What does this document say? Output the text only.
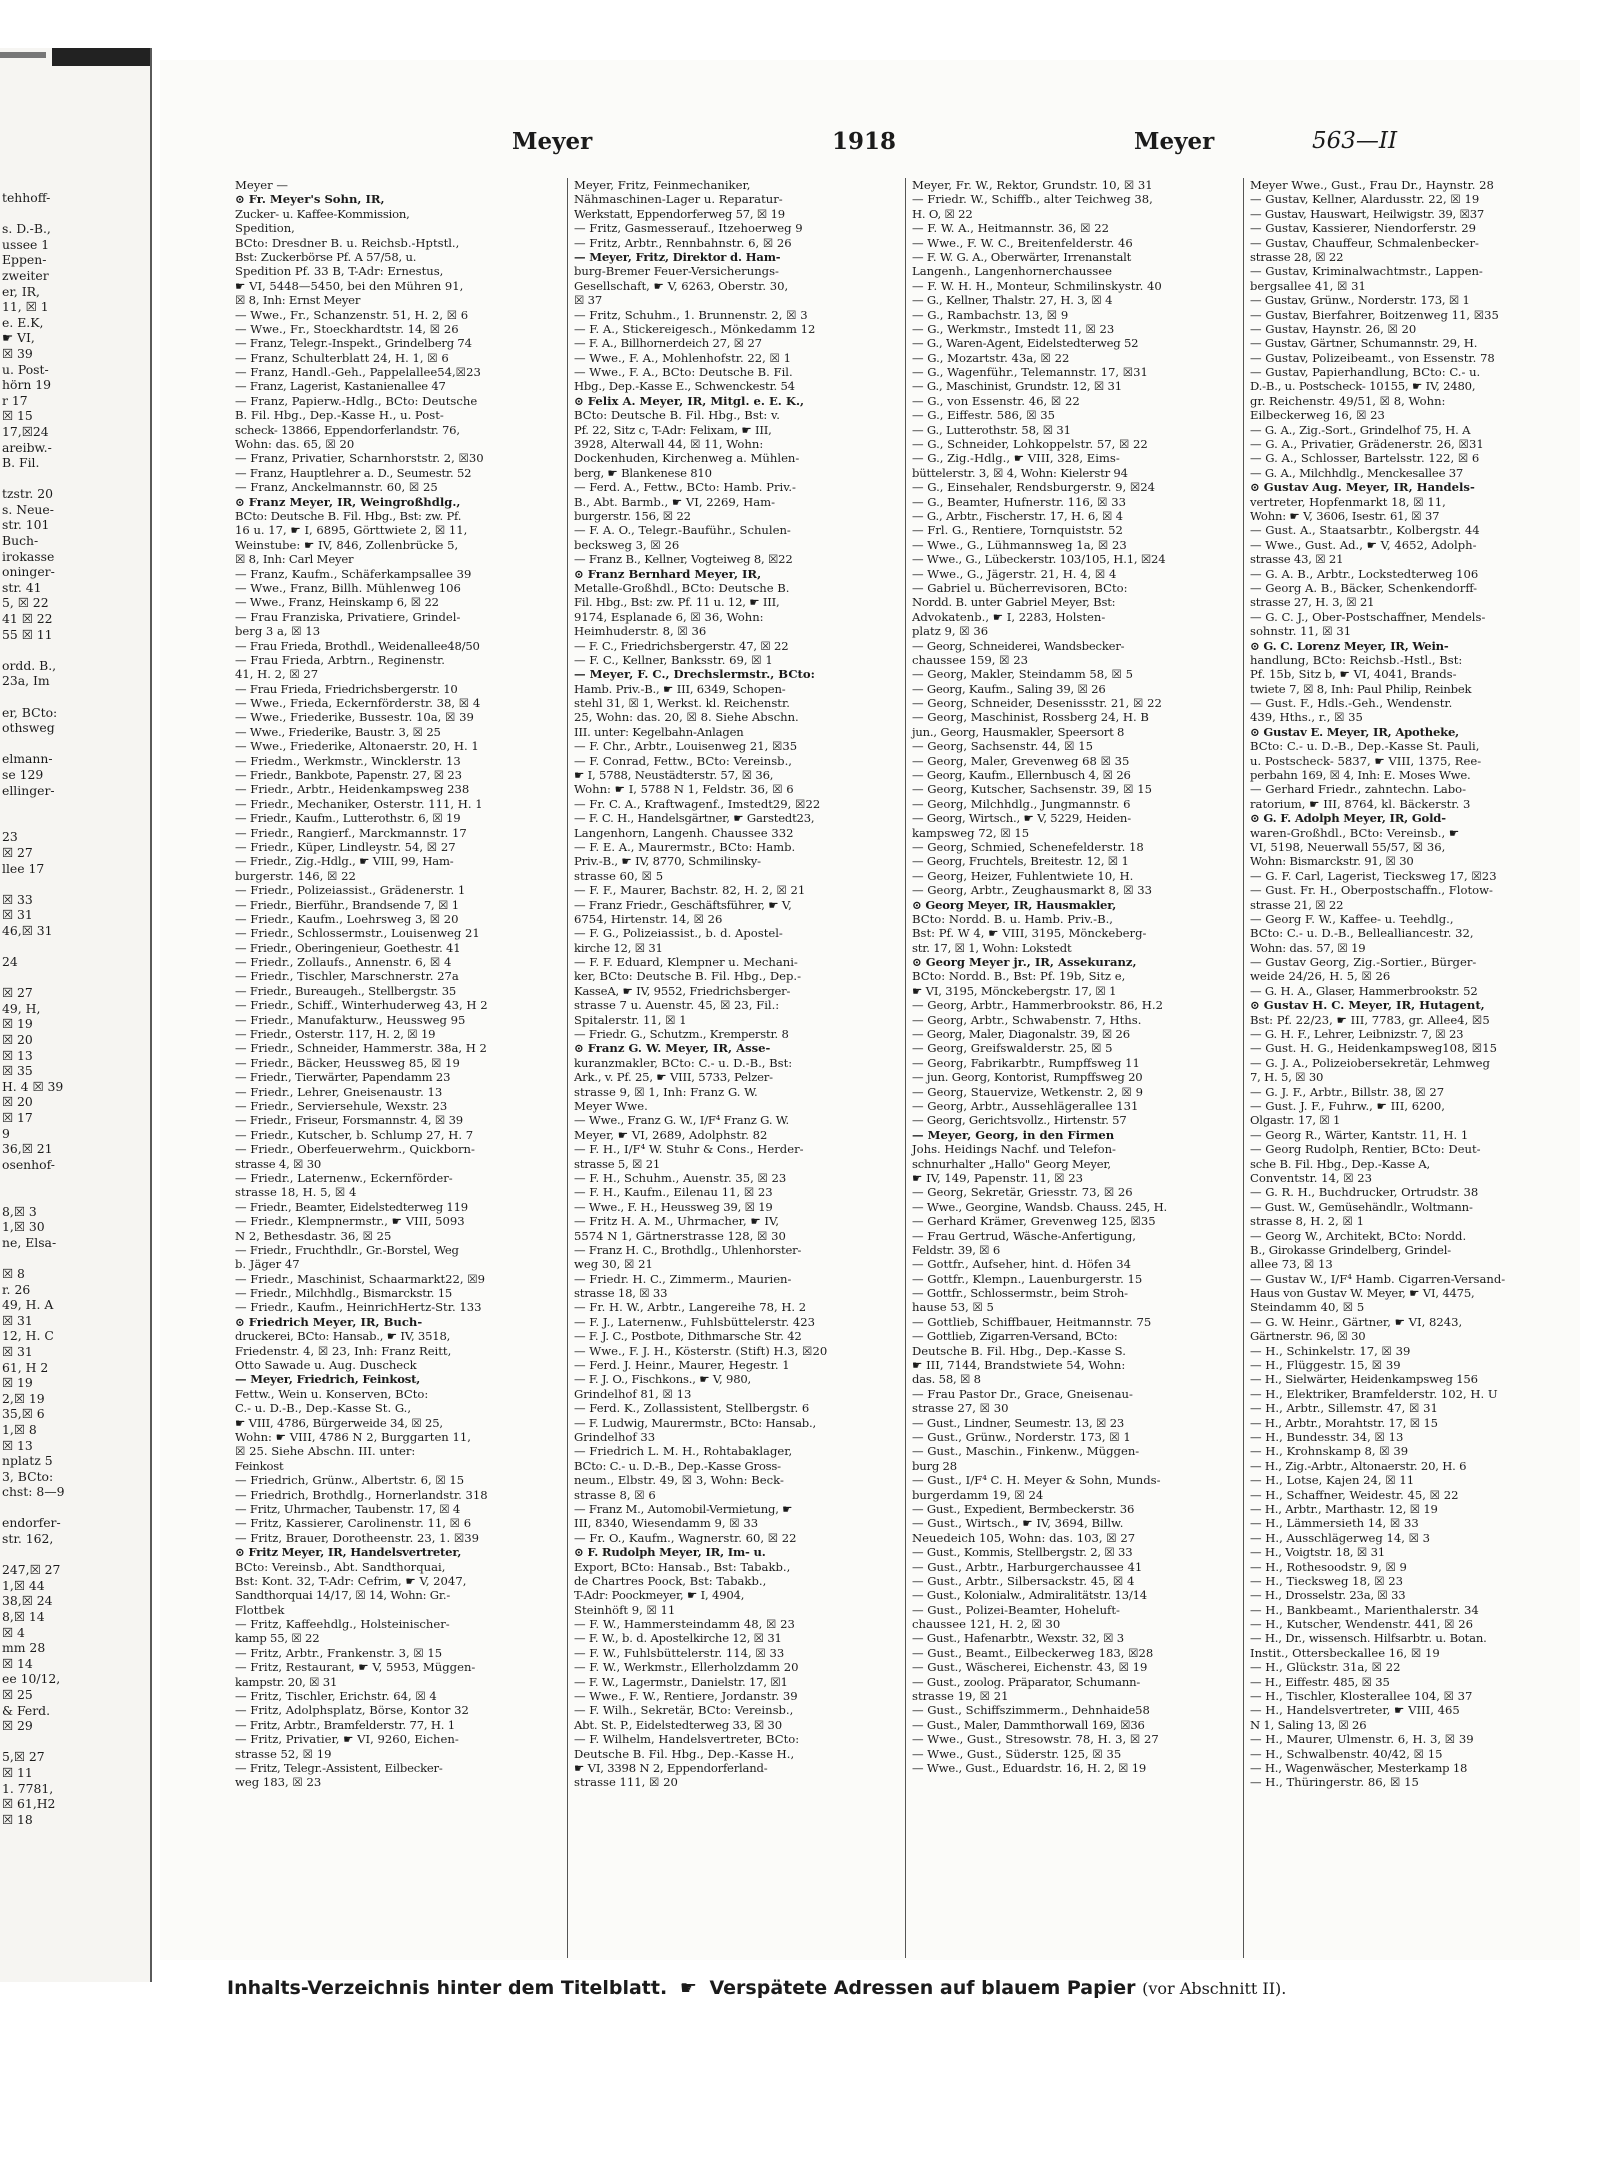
tehhoff-
s. D.-B.,
ussee 1
Eppen-
zweiter
er, IR,
11, ☒ 1
e. E.K,
☛ VI,
☒ 39
u. Post-
hörn 19
r 17
☒ 15
17,☒24
areibw.-
B. Fil.
tzstr. 20
s. Neue-
str. 101
Buch-
irokasse
oninger-
str. 41
5, ☒ 22
41 ☒ 22
55 ☒ 11
ordd. B.,
23a, Im
er, BCto:
othsweg
elmann-
se 129
ellinger-
23
☒ 27
llee 17
☒ 33
☒ 31
46,☒ 31
24
☒ 27
49, H,
☒ 19
☒ 20
☒ 13
☒ 35
H. 4 ☒ 39
☒ 20
☒ 17
9
36,☒ 21
osenhof-
8,☒ 3
1,☒ 30
ne, Elsa-
☒ 8
r. 26
49, H. A
☒ 31
12, H. C
☒ 31
61, H 2
☒ 19
2,☒ 19
35,☒ 6
1,☒ 8
☒ 13
nplatz 5
3, BCto:
chst: 8—9
endorfer-
str. 162,
247,☒ 27
1,☒ 44
38,☒ 24
8,☒ 14
☒ 4
mm 28
☒ 14
ee 10/12,
☒ 25
& Ferd.
☒ 29
5,☒ 27
☒ 11
1. 7781,
☒ 61,H2
☒ 18
Meyer	1918	Meyer	563—II
Meyer —
⊙ Fr. Meyer's Sohn, IR,
Zucker- u. Kaffee-Kommission,
Spedition,
BCto: Dresdner B. u. Reichsb.-Hptstl.,
Bst: Zuckerbörse Pf. A 57/58, u.
Spedition Pf. 33 B, T-Adr: Ernestus,
☛ VI, 5448—5450, bei den Mühren 91,
☒ 8, Inh: Ernst Meyer
— Wwe., Fr., Schanzenstr. 51, H. 2, ☒ 6
— Wwe., Fr., Stoeckhardtstr. 14, ☒ 26
— Franz, Telegr.-Inspekt., Grindelberg 74
— Franz, Schulterblatt 24, H. 1, ☒ 6
— Franz, Handl.-Geh., Pappelallee54,☒23
— Franz, Lagerist, Kastanienallee 47
— Franz, Papierw.-Hdlg., BCto: Deutsche
B. Fil. Hbg., Dep.-Kasse H., u. Post-
scheck- 13866, Eppendorferlandstr. 76,
Wohn: das. 65, ☒ 20
— Franz, Privatier, Scharnhorststr. 2, ☒30
— Franz, Hauptlehrer a. D., Seumestr. 52
— Franz, Anckelmannstr. 60, ☒ 25
⊙ Franz Meyer, IR, Weingroßhdlg.,
BCto: Deutsche B. Fil. Hbg., Bst: zw. Pf.
16 u. 17, ☛ I, 6895, Görttwiete 2, ☒ 11,
Weinstube: ☛ IV, 846, Zollenbrücke 5,
☒ 8, Inh: Carl Meyer
— Franz, Kaufm., Schäferkampsallee 39
— Wwe., Franz, Billh. Mühlenweg 106
— Wwe., Franz, Heinskamp 6, ☒ 22
— Frau Franziska, Privatiere, Grindel-
berg 3 a, ☒ 13
— Frau Frieda, Brothdl., Weidenallee48/50
— Frau Frieda, Arbtrn., Reginenstr.
41, H. 2, ☒ 27
— Frau Frieda, Friedrichsbergerstr. 10
— Wwe., Frieda, Eckernförderstr. 38, ☒ 4
— Wwe., Friederike, Bussestr. 10a, ☒ 39
— Wwe., Friederike, Baustr. 3, ☒ 25
— Wwe., Friederike, Altonaerstr. 20, H. 1
— Friedm., Werkmstr., Wincklerstr. 13
— Friedr., Bankbote, Papenstr. 27, ☒ 23
— Friedr., Arbtr., Heidenkampsweg 238
— Friedr., Mechaniker, Osterstr. 111, H. 1
— Friedr., Kaufm., Lutterothstr. 6, ☒ 19
— Friedr., Rangierf., Marckmannstr. 17
— Friedr., Küper, Lindleystr. 54, ☒ 27
— Friedr., Zig.-Hdlg., ☛ VIII, 99, Ham-
burgerstr. 146, ☒ 22
— Friedr., Polizeiassist., Grädenerstr. 1
— Friedr., Bierführ., Brandsende 7, ☒ 1
— Friedr., Kaufm., Loehrsweg 3, ☒ 20
— Friedr., Schlossermstr., Louisenweg 21
— Friedr., Oberingenieur, Goethestr. 41
— Friedr., Zollaufs., Annenstr. 6, ☒ 4
— Friedr., Tischler, Marschnerstr. 27a
— Friedr., Bureaugeh., Stellbergstr. 35
— Friedr., Schiff., Winterhuderweg 43, H 2
— Friedr., Manufakturw., Heussweg 95
— Friedr., Osterstr. 117, H. 2, ☒ 19
— Friedr., Schneider, Hammerstr. 38a, H 2
— Friedr., Bäcker, Heussweg 85, ☒ 19
— Friedr., Tierwärter, Papendamm 23
— Friedr., Lehrer, Gneisenaustr. 13
— Friedr., Serviersehule, Wexstr. 23
— Friedr., Friseur, Forsmannstr. 4, ☒ 39
— Friedr., Kutscher, b. Schlump 27, H. 7
— Friedr., Oberfeuerwehrm., Quickborn-
strasse 4, ☒ 30
— Friedr., Laternenw., Eckernförder-
strasse 18, H. 5, ☒ 4
— Friedr., Beamter, Eidelstedterweg 119
— Friedr., Klempnermstr., ☛ VIII, 5093
N 2, Bethesdastr. 36, ☒ 25
— Friedr., Fruchthdlr., Gr.-Borstel, Weg
b. Jäger 47
— Friedr., Maschinist, Schaarmarkt22, ☒9
— Friedr., Milchhdlg., Bismarckstr. 15
— Friedr., Kaufm., HeinrichHertz-Str. 133
⊙ Friedrich Meyer, IR, Buch-
druckerei, BCto: Hansab., ☛ IV, 3518,
Friedenstr. 4, ☒ 23, Inh: Franz Reitt,
Otto Sawade u. Aug. Duscheck
— Meyer, Friedrich, Feinkost,
Fettw., Wein u. Konserven, BCto:
C.- u. D.-B., Dep.-Kasse St. G.,
☛ VIII, 4786, Bürgerweide 34, ☒ 25,
Wohn: ☛ VIII, 4786 N 2, Burggarten 11,
☒ 25. Siehe Abschn. III. unter:
Feinkost
— Friedrich, Grünw., Albertstr. 6, ☒ 15
— Friedrich, Brothdlg., Hornerlandstr. 318
— Fritz, Uhrmacher, Taubenstr. 17, ☒ 4
— Fritz, Kassierer, Carolinenstr. 11, ☒ 6
— Fritz, Brauer, Dorotheenstr. 23, 1. ☒39
⊙ Fritz Meyer, IR, Handelsvertreter,
BCto: Vereinsb., Abt. Sandthorquai,
Bst: Kont. 32, T-Adr: Cefrim, ☛ V, 2047,
Sandthorquai 14/17, ☒ 14, Wohn: Gr.-
Flottbek
— Fritz, Kaffeehdlg., Holsteinischer-
kamp 55, ☒ 22
— Fritz, Arbtr., Frankenstr. 3, ☒ 15
— Fritz, Restaurant, ☛ V, 5953, Müggen-
kampstr. 20, ☒ 31
— Fritz, Tischler, Erichstr. 64, ☒ 4
— Fritz, Adolphsplatz, Börse, Kontor 32
— Fritz, Arbtr., Bramfelderstr. 77, H. 1
— Fritz, Privatier, ☛ VI, 9260, Eichen-
strasse 52, ☒ 19
— Fritz, Telegr.-Assistent, Eilbecker-
weg 183, ☒ 23
Meyer, Fritz, Feinmechaniker,
Nähmaschinen-Lager u. Reparatur-
Werkstatt, Eppendorferweg 57, ☒ 19
— Fritz, Gasmesserauf., Itzehoerweg 9
— Fritz, Arbtr., Rennbahnstr. 6, ☒ 26
— Meyer, Fritz, Direktor d. Ham-
burg-Bremer Feuer-Versicherungs-
Gesellschaft, ☛ V, 6263, Oberstr. 30,
☒ 37
— Fritz, Schuhm., 1. Brunnenstr. 2, ☒ 3
— F. A., Stickereigesch., Mönkedamm 12
— F. A., Billhornerdeich 27, ☒ 27
— Wwe., F. A., Mohlenhofstr. 22, ☒ 1
— Wwe., F. A., BCto: Deutsche B. Fil.
Hbg., Dep.-Kasse E., Schwenckestr. 54
⊙ Felix A. Meyer, IR, Mitgl. e. E. K.,
BCto: Deutsche B. Fil. Hbg., Bst: v.
Pf. 22, Sitz c, T-Adr: Felixam, ☛ III,
3928, Alterwall 44, ☒ 11, Wohn:
Dockenhuden, Kirchenweg a. Mühlen-
berg, ☛ Blankenese 810
— Ferd. A., Fettw., BCto: Hamb. Priv.-
B., Abt. Barmb., ☛ VI, 2269, Ham-
burgerstr. 156, ☒ 22
— F. A. O., Telegr.-Bauführ., Schulen-
becksweg 3, ☒ 26
— Franz B., Kellner, Vogteiweg 8, ☒22
⊙ Franz Bernhard Meyer, IR,
Metalle-Großhdl., BCto: Deutsche B.
Fil. Hbg., Bst: zw. Pf. 11 u. 12, ☛ III,
9174, Esplanade 6, ☒ 36, Wohn:
Heimhuderstr. 8, ☒ 36
— F. C., Friedrichsbergerstr. 47, ☒ 22
— F. C., Kellner, Banksstr. 69, ☒ 1
— Meyer, F. C., Drechslermstr., BCto:
Hamb. Priv.-B., ☛ III, 6349, Schopen-
stehl 31, ☒ 1, Werkst. kl. Reichenstr.
25, Wohn: das. 20, ☒ 8. Siehe Abschn.
III. unter: Kegelbahn-Anlagen
— F. Chr., Arbtr., Louisenweg 21, ☒35
— F. Conrad, Fettw., BCto: Vereinsb.,
☛ I, 5788, Neustädterstr. 57, ☒ 36,
Wohn: ☛ I, 5788 N 1, Feldstr. 36, ☒ 6
— Fr. C. A., Kraftwagenf., Imstedt29, ☒22
— F. C. H., Handelsgärtner, ☛ Garstedt23,
Langenhorn, Langenh. Chaussee 332
— F. E. A., Maurermstr., BCto: Hamb.
Priv.-B., ☛ IV, 8770, Schmilinsky-
strasse 60, ☒ 5
— F. F., Maurer, Bachstr. 82, H. 2, ☒ 21
— Franz Friedr., Geschäftsführer, ☛ V,
6754, Hirtenstr. 14, ☒ 26
— F. G., Polizeiassist., b. d. Apostel-
kirche 12, ☒ 31
— F. F. Eduard, Klempner u. Mechani-
ker, BCto: Deutsche B. Fil. Hbg., Dep.-
KasseA, ☛ IV, 9552, Friedrichsberger-
strasse 7 u. Auenstr. 45, ☒ 23, Fil.:
Spitalerstr. 11, ☒ 1
— Friedr. G., Schutzm., Kremperstr. 8
⊙ Franz G. W. Meyer, IR, Asse-
kuranzmakler, BCto: C.- u. D.-B., Bst:
Ark., v. Pf. 25, ☛ VIII, 5733, Pelzer-
strasse 9, ☒ 1, Inh: Franz G. W.
Meyer Wwe.
— Wwe., Franz G. W., I/F⁴ Franz G. W.
Meyer, ☛ VI, 2689, Adolphstr. 82
— F. H., I/F⁴ W. Stuhr & Cons., Herder-
strasse 5, ☒ 21
— F. H., Schuhm., Auenstr. 35, ☒ 23
— F. H., Kaufm., Eilenau 11, ☒ 23
— Wwe., F. H., Heussweg 39, ☒ 19
— Fritz H. A. M., Uhrmacher, ☛ IV,
5574 N 1, Gärtnerstrasse 128, ☒ 30
— Franz H. C., Brothdlg., Uhlenhorster-
weg 30, ☒ 21
— Friedr. H. C., Zimmerm., Maurien-
strasse 18, ☒ 33
— Fr. H. W., Arbtr., Langereihe 78, H. 2
— F. J., Laternenw., Fuhlsbüttelerstr. 423
— F. J. C., Postbote, Dithmarsche Str. 42
— Wwe., F. J. H., Kösterstr. (Stift) H.3, ☒20
— Ferd. J. Heinr., Maurer, Hegestr. 1
— F. J. O., Fischkons., ☛ V, 980,
Grindelhof 81, ☒ 13
— Ferd. K., Zollassistent, Stellbergstr. 6
— F. Ludwig, Maurermstr., BCto: Hansab.,
Grindelhof 33
— Friedrich L. M. H., Rohtabaklager,
BCto: C.- u. D.-B., Dep.-Kasse Gross-
neum., Elbstr. 49, ☒ 3, Wohn: Beck-
strasse 8, ☒ 6
— Franz M., Automobil-Vermietung, ☛
III, 8340, Wiesendamm 9, ☒ 33
— Fr. O., Kaufm., Wagnerstr. 60, ☒ 22
⊙ F. Rudolph Meyer, IR, Im- u.
Export, BCto: Hansab., Bst: Tabakb.,
de Chartres Poock, Bst: Tabakb.,
T-Adr: Poockmeyer, ☛ I, 4904,
Steinhöft 9, ☒ 11
— F. W., Hammersteindamm 48, ☒ 23
— F. W., b. d. Apostelkirche 12, ☒ 31
— F. W., Fuhlsbüttelerstr. 114, ☒ 33
— F. W., Werkmstr., Ellerholzdamm 20
— F. W., Lagermstr., Danielstr. 17, ☒1
— Wwe., F. W., Rentiere, Jordanstr. 39
— F. Wilh., Sekretär, BCto: Vereinsb.,
Abt. St. P., Eidelstedterweg 33, ☒ 30
— F. Wilhelm, Handelsvertreter, BCto:
Deutsche B. Fil. Hbg., Dep.-Kasse H.,
☛ VI, 3398 N 2, Eppendorferland-
strasse 111, ☒ 20
Meyer, Fr. W., Rektor, Grundstr. 10, ☒ 31
— Friedr. W., Schiffb., alter Teichweg 38,
H. O, ☒ 22
— F. W. A., Heitmannstr. 36, ☒ 22
— Wwe., F. W. C., Breitenfelderstr. 46
— F. W. G. A., Oberwärter, Irrenanstalt
Langenh., Langenhornerchaussee
— F. W. H. H., Monteur, Schmilinskystr. 40
— G., Kellner, Thalstr. 27, H. 3, ☒ 4
— G., Rambachstr. 13, ☒ 9
— G., Werkmstr., Imstedt 11, ☒ 23
— G., Waren-Agent, Eidelstedterweg 52
— G., Mozartstr. 43a, ☒ 22
— G., Wagenführ., Telemannstr. 17, ☒31
— G., Maschinist, Grundstr. 12, ☒ 31
— G., von Essenstr. 46, ☒ 22
— G., Eiffestr. 586, ☒ 35
— G., Lutterothstr. 58, ☒ 31
— G., Schneider, Lohkoppelstr. 57, ☒ 22
— G., Zig.-Hdlg., ☛ VIII, 328, Eims-
büttelerstr. 3, ☒ 4, Wohn: Kielerstr 94
— G., Einsehaler, Rendsburgerstr. 9, ☒24
— G., Beamter, Hufnerstr. 116, ☒ 33
— G., Arbtr., Fischerstr. 17, H. 6, ☒ 4
— Frl. G., Rentiere, Tornquiststr. 52
— Wwe., G., Lühmannsweg 1a, ☒ 23
— Wwe., G., Lübeckerstr. 103/105, H.1, ☒24
— Wwe., G., Jägerstr. 21, H. 4, ☒ 4
— Gabriel u. Bücherrevisoren, BCto:
Nordd. B. unter Gabriel Meyer, Bst:
Advokatenb., ☛ I, 2283, Holsten-
platz 9, ☒ 36
— Georg, Schneiderei, Wandsbecker-
chaussee 159, ☒ 23
— Georg, Makler, Steindamm 58, ☒ 5
— Georg, Kaufm., Saling 39, ☒ 26
— Georg, Schneider, Desenissstr. 21, ☒ 22
— Georg, Maschinist, Rossberg 24, H. B
jun., Georg, Hausmakler, Speersort 8
— Georg, Sachsenstr. 44, ☒ 15
— Georg, Maler, Grevenweg 68 ☒ 35
— Georg, Kaufm., Ellernbusch 4, ☒ 26
— Georg, Kutscher, Sachsenstr. 39, ☒ 15
— Georg, Milchhdlg., Jungmannstr. 6
— Georg, Wirtsch., ☛ V, 5229, Heiden-
kampsweg 72, ☒ 15
— Georg, Schmied, Schenefelderstr. 18
— Georg, Fruchtels, Breitestr. 12, ☒ 1
— Georg, Heizer, Fuhlentwiete 10, H.
— Georg, Arbtr., Zeughausmarkt 8, ☒ 33
⊙ Georg Meyer, IR, Hausmakler,
BCto: Nordd. B. u. Hamb. Priv.-B.,
Bst: Pf. W 4, ☛ VIII, 3195, Mönckeberg-
str. 17, ☒ 1, Wohn: Lokstedt
⊙ Georg Meyer jr., IR, Assekuranz,
BCto: Nordd. B., Bst: Pf. 19b, Sitz e,
☛ VI, 3195, Mönckebergstr. 17, ☒ 1
— Georg, Arbtr., Hammerbrookstr. 86, H.2
— Georg, Arbtr., Schwabenstr. 7, Hths.
— Georg, Maler, Diagonalstr. 39, ☒ 26
— Georg, Greifswalderstr. 25, ☒ 5
— Georg, Fabrikarbtr., Rumpffsweg 11
— jun. Georg, Kontorist, Rumpffsweg 20
— Georg, Stauervize, Wetkenstr. 2, ☒ 9
— Georg, Arbtr., Aussehlägerallee 131
— Georg, Gerichtsvollz., Hirtenstr. 57
— Meyer, Georg, in den Firmen
Johs. Heidings Nachf. und Telefon-
schnurhalter „Hallo" Georg Meyer,
☛ IV, 149, Papenstr. 11, ☒ 23
— Georg, Sekretär, Griesstr. 73, ☒ 26
— Wwe., Georgine, Wandsb. Chauss. 245, H.
— Gerhard Krämer, Grevenweg 125, ☒35
— Frau Gertrud, Wäsche-Anfertigung,
Feldstr. 39, ☒ 6
— Gottfr., Aufseher, hint. d. Höfen 34
— Gottfr., Klempn., Lauenburgerstr. 15
— Gottfr., Schlossermstr., beim Stroh-
hause 53, ☒ 5
— Gottlieb, Schiffbauer, Heitmannstr. 75
— Gottlieb, Zigarren-Versand, BCto:
Deutsche B. Fil. Hbg., Dep.-Kasse S.
☛ III, 7144, Brandstwiete 54, Wohn:
das. 58, ☒ 8
— Frau Pastor Dr., Grace, Gneisenau-
strasse 27, ☒ 30
— Gust., Lindner, Seumestr. 13, ☒ 23
— Gust., Grünw., Norderstr. 173, ☒ 1
— Gust., Maschin., Finkenw., Müggen-
burg 28
— Gust., I/F⁴ C. H. Meyer & Sohn, Munds-
burgerdamm 19, ☒ 24
— Gust., Expedient, Bermbeckerstr. 36
— Gust., Wirtsch., ☛ IV, 3694, Billw.
Neuedeich 105, Wohn: das. 103, ☒ 27
— Gust., Kommis, Stellbergstr. 2, ☒ 33
— Gust., Arbtr., Harburgerchaussee 41
— Gust., Arbtr., Silbersackstr. 45, ☒ 4
— Gust., Kolonialw., Admiralitätstr. 13/14
— Gust., Polizei-Beamter, Hoheluft-
chaussee 121, H. 2, ☒ 30
— Gust., Hafenarbtr., Wexstr. 32, ☒ 3
— Gust., Beamt., Eilbeckerweg 183, ☒28
— Gust., Wäscherei, Eichenstr. 43, ☒ 19
— Gust., zoolog. Präparator, Schumann-
strasse 19, ☒ 21
— Gust., Schiffszimmerm., Dehnhaide58
— Gust., Maler, Dammthorwall 169, ☒36
— Wwe., Gust., Stresowstr. 78, H. 3, ☒ 27
— Wwe., Gust., Süderstr. 125, ☒ 35
— Wwe., Gust., Eduardstr. 16, H. 2, ☒ 19
Meyer Wwe., Gust., Frau Dr., Haynstr. 28
— Gustav, Kellner, Alardusstr. 22, ☒ 19
— Gustav, Hauswart, Heilwigstr. 39, ☒37
— Gustav, Kassierer, Niendorferstr. 29
— Gustav, Chauffeur, Schmalenbecker-
strasse 28, ☒ 22
— Gustav, Kriminalwachtmstr., Lappen-
bergsallee 41, ☒ 31
— Gustav, Grünw., Norderstr. 173, ☒ 1
— Gustav, Bierfahrer, Boitzenweg 11, ☒35
— Gustav, Haynstr. 26, ☒ 20
— Gustav, Gärtner, Schumannstr. 29, H.
— Gustav, Polizeibeamt., von Essenstr. 78
— Gustav, Papierhandlung, BCto: C.- u.
D.-B., u. Postscheck- 10155, ☛ IV, 2480,
gr. Reichenstr. 49/51, ☒ 8, Wohn:
Eilbeckerweg 16, ☒ 23
— G. A., Zig.-Sort., Grindelhof 75, H. A
— G. A., Privatier, Grädenerstr. 26, ☒31
— G. A., Schlosser, Bartelsstr. 122, ☒ 6
— G. A., Milchhdlg., Menckesallee 37
⊙ Gustav Aug. Meyer, IR, Handels-
vertreter, Hopfenmarkt 18, ☒ 11,
Wohn: ☛ V, 3606, Isestr. 61, ☒ 37
— Gust. A., Staatsarbtr., Kolbergstr. 44
— Wwe., Gust. Ad., ☛ V, 4652, Adolph-
strasse 43, ☒ 21
— G. A. B., Arbtr., Lockstedterweg 106
— Georg A. B., Bäcker, Schenkendorff-
strasse 27, H. 3, ☒ 21
— G. C. J., Ober-Postschaffner, Mendels-
sohnstr. 11, ☒ 31
⊙ G. C. Lorenz Meyer, IR, Wein-
handlung, BCto: Reichsb.-Hstl., Bst:
Pf. 15b, Sitz b, ☛ VI, 4041, Brands-
twiete 7, ☒ 8, Inh: Paul Philip, Reinbek
— Gust. F., Hdls.-Geh., Wendenstr.
439, Hths., r., ☒ 35
⊙ Gustav E. Meyer, IR, Apotheke,
BCto: C.- u. D.-B., Dep.-Kasse St. Pauli,
u. Postscheck- 5837, ☛ VIII, 1375, Ree-
perbahn 169, ☒ 4, Inh: E. Moses Wwe.
— Gerhard Friedr., zahntechn. Labo-
ratorium, ☛ III, 8764, kl. Bäckerstr. 3
⊙ G. F. Adolph Meyer, IR, Gold-
waren-Großhdl., BCto: Vereinsb., ☛
VI, 5198, Neuerwall 55/57, ☒ 36,
Wohn: Bismarckstr. 91, ☒ 30
— G. F. Carl, Lagerist, Tiecksweg 17, ☒23
— Gust. Fr. H., Oberpostschaffn., Flotow-
strasse 21, ☒ 22
— Georg F. W., Kaffee- u. Teehdlg.,
BCto: C.- u. D.-B., Bellealliancestr. 32,
Wohn: das. 57, ☒ 19
— Gustav Georg, Zig.-Sortier., Bürger-
weide 24/26, H. 5, ☒ 26
— G. H. A., Glaser, Hammerbrookstr. 52
⊙ Gustav H. C. Meyer, IR, Hutagent,
Bst: Pf. 22/23, ☛ III, 7783, gr. Allee4, ☒5
— G. H. F., Lehrer, Leibnizstr. 7, ☒ 23
— Gust. H. G., Heidenkampsweg108, ☒15
— G. J. A., Polizeiobersekretär, Lehmweg
7, H. 5, ☒ 30
— G. J. F., Arbtr., Billstr. 38, ☒ 27
— Gust. J. F., Fuhrw., ☛ III, 6200,
Olgastr. 17, ☒ 1
— Georg R., Wärter, Kantstr. 11, H. 1
— Georg Rudolph, Rentier, BCto: Deut-
sche B. Fil. Hbg., Dep.-Kasse A,
Conventstr. 14, ☒ 23
— G. R. H., Buchdrucker, Ortrudstr. 38
— Gust. W., Gemüsehändlr., Woltmann-
strasse 8, H. 2, ☒ 1
— Georg W., Architekt, BCto: Nordd.
B., Girokasse Grindelberg, Grindel-
allee 73, ☒ 13
— Gustav W., I/F⁴ Hamb. Cigarren-Versand-
Haus von Gustav W. Meyer, ☛ VI, 4475,
Steindamm 40, ☒ 5
— G. W. Heinr., Gärtner, ☛ VI, 8243,
Gärtnerstr. 96, ☒ 30
— H., Schinkelstr. 17, ☒ 39
— H., Flüggestr. 15, ☒ 39
— H., Sielwärter, Heidenkampsweg 156
— H., Elektriker, Bramfelderstr. 102, H. U
— H., Arbtr., Sillemstr. 47, ☒ 31
— H., Arbtr., Morahtstr. 17, ☒ 15
— H., Bundesstr. 34, ☒ 13
— H., Krohnskamp 8, ☒ 39
— H., Zig.-Arbtr., Altonaerstr. 20, H. 6
— H., Lotse, Kajen 24, ☒ 11
— H., Schaffner, Weidestr. 45, ☒ 22
— H., Arbtr., Marthastr. 12, ☒ 19
— H., Lämmersieth 14, ☒ 33
— H., Ausschlägerweg 14, ☒ 3
— H., Voigtstr. 18, ☒ 31
— H., Rothesoodstr. 9, ☒ 9
— H., Tiecksweg 18, ☒ 23
— H., Drosselstr. 23a, ☒ 33
— H., Bankbeamt., Marienthalerstr. 34
— H., Kutscher, Wendenstr. 441, ☒ 26
— H., Dr., wissensch. Hilfsarbtr. u. Botan.
Instit., Ottersbeckallee 16, ☒ 19
— H., Glückstr. 31a, ☒ 22
— H., Eiffestr. 485, ☒ 35
— H., Tischler, Klosterallee 104, ☒ 37
— H., Handelsvertreter, ☛ VIII, 465
N 1, Saling 13, ☒ 26
— H., Maurer, Ulmenstr. 6, H. 3, ☒ 39
— H., Schwalbenstr. 40/42, ☒ 15
— H., Wagenwäscher, Mesterkamp 18
— H., Thüringerstr. 86, ☒ 15
Inhalts-Verzeichnis hinter dem Titelblatt. ☛ Verspätete Adressen auf blauem Papier (vor Abschnitt II).
